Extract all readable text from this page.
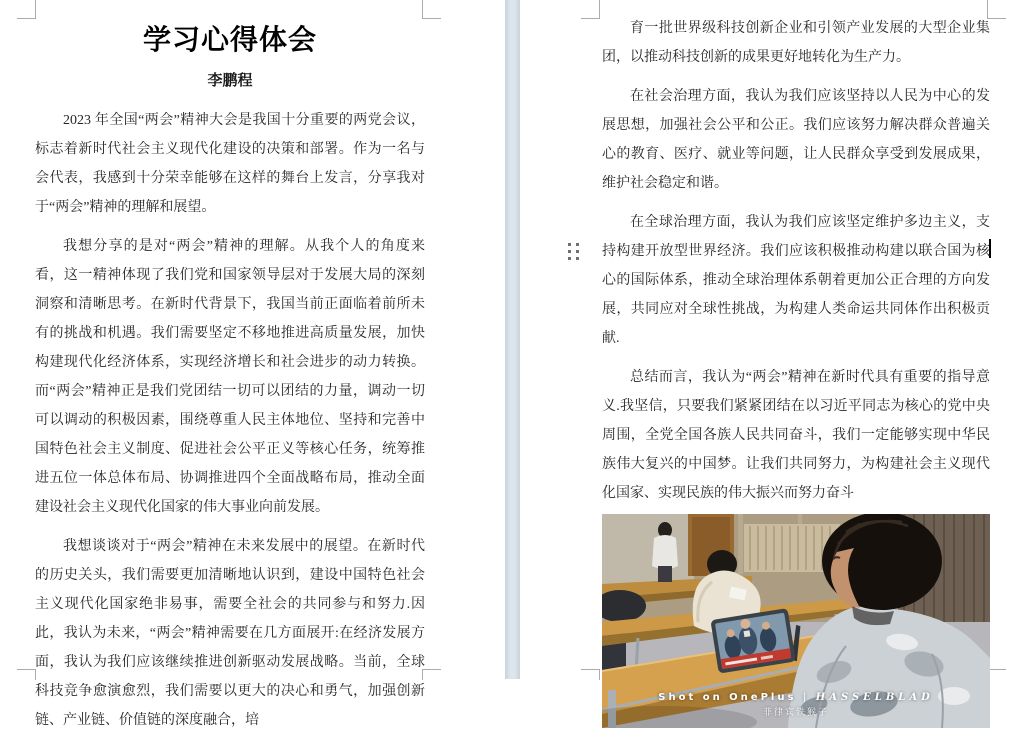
学习心得体会
李鹏程

2023 年全国“两会”精神大会是我国十分重要的两党会议，标志着新时代社会主义现代化建设的决策和部署。作为一名与会代表，我感到十分荣幸能够在这样的舞台上发言，分享我对于“两会”精神的理解和展望。

我想分享的是对“两会”精神的理解。从我个人的角度来看，这一精神体现了我们党和国家领导层对于发展大局的深刻洞察和清晰思考。在新时代背景下，我国当前正面临着前所未有的挑战和机遇。我们需要坚定不移地推进高质量发展，加快构建现代化经济体系，实现经济增长和社会进步的动力转换。而“两会”精神正是我们党团结一切可以团结的力量，调动一切可以调动的积极因素，围绕尊重人民主体地位、坚持和完善中国特色社会主义制度、促进社会公平正义等核心任务，统筹推进五位一体总体布局、协调推进四个全面战略布局，推动全面建设社会主义现代化国家的伟大事业向前发展。

我想谈谈对于“两会”精神在未来发展中的展望。在新时代的历史关头，我们需要更加清晰地认识到，建设中国特色社会主义现代化国家绝非易事，需要全社会的共同参与和努力.因此，我认为未来，“两会”精神需要在几方面展开:在经济发展方面，我认为我们应该继续推进创新驱动发展战略。当前，全球科技竞争愈演愈烈，我们需要以更大的决心和勇气，加强创新链、产业链、价值链的深度融合，培

育一批世界级科技创新企业和引领产业发展的大型企业集团，以推动科技创新的成果更好地转化为生产力。

在社会治理方面，我认为我们应该坚持以人民为中心的发展思想，加强社会公平和公正。我们应该努力解决群众普遍关心的教育、医疗、就业等问题，让人民群众享受到发展成果，维护社会稳定和谐。

在全球治理方面，我认为我们应该坚定维护多边主义，支持构建开放型世界经济。我们应该积极推动构建以联合国为核心的国际体系，推动全球治理体系朝着更加公正合理的方向发展，共同应对全球性挑战，为构建人类命运共同体作出积极贡献.

总结而言，我认为“两会”精神在新时代具有重要的指导意义.我坚信，只要我们紧紧团结在以习近平同志为核心的党中央周围，全党全国各族人民共同奋斗，我们一定能够实现中华民族伟大复兴的中国梦。让我们共同努力，为构建社会主义现代化国家、实现民族的伟大振兴而努力奋斗

Shot on OnePlus | HASSELBLAD
菲律宾铁猴子
